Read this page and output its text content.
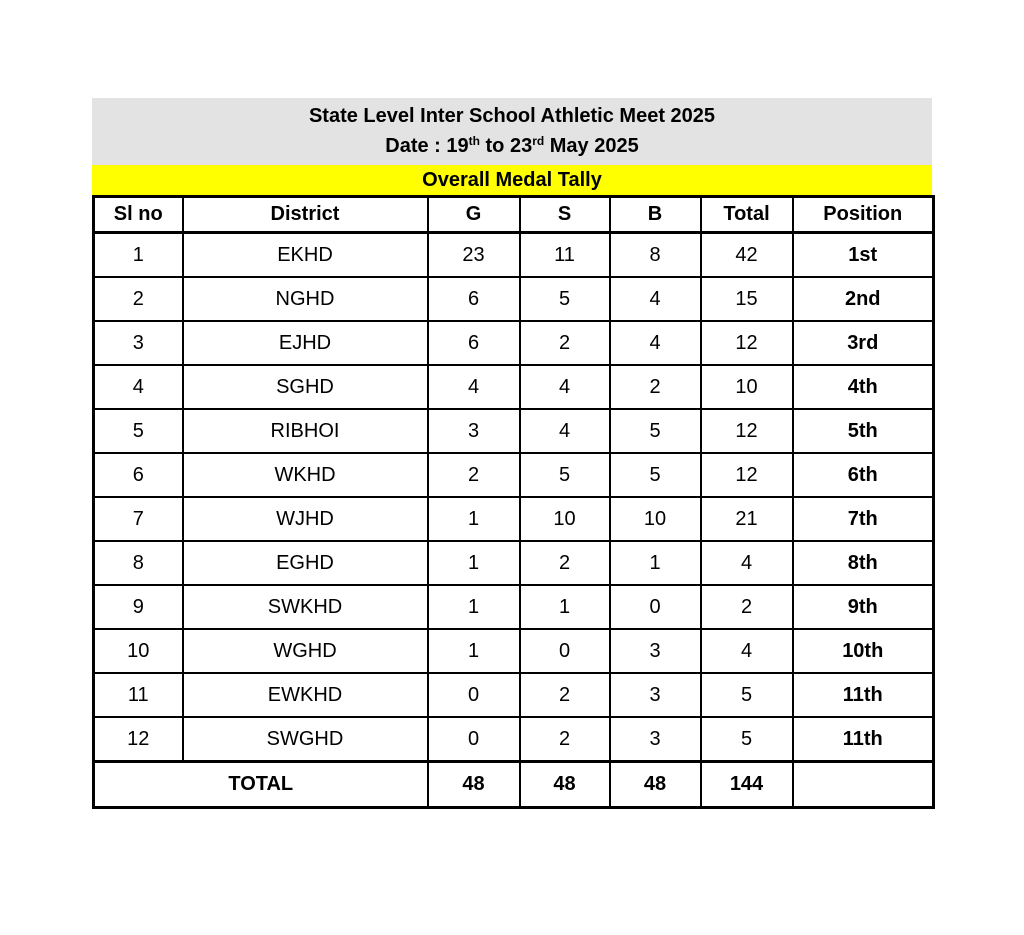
State Level Inter School Athletic Meet 2025
Date : 19th to 23rd May 2025
Overall Medal Tally
Sl no	District	G	S	B	Total	Position
1	EKHD	23	11	8	42	1st
2	NGHD	6	5	4	15	2nd
3	EJHD	6	2	4	12	3rd
4	SGHD	4	4	2	10	4th
5	RIBHOI	3	4	5	12	5th
6	WKHD	2	5	5	12	6th
7	WJHD	1	10	10	21	7th
8	EGHD	1	2	1	4	8th
9	SWKHD	1	1	0	2	9th
10	WGHD	1	0	3	4	10th
11	EWKHD	0	2	3	5	11th
12	SWGHD	0	2	3	5	11th
TOTAL		48	48	48	144	
